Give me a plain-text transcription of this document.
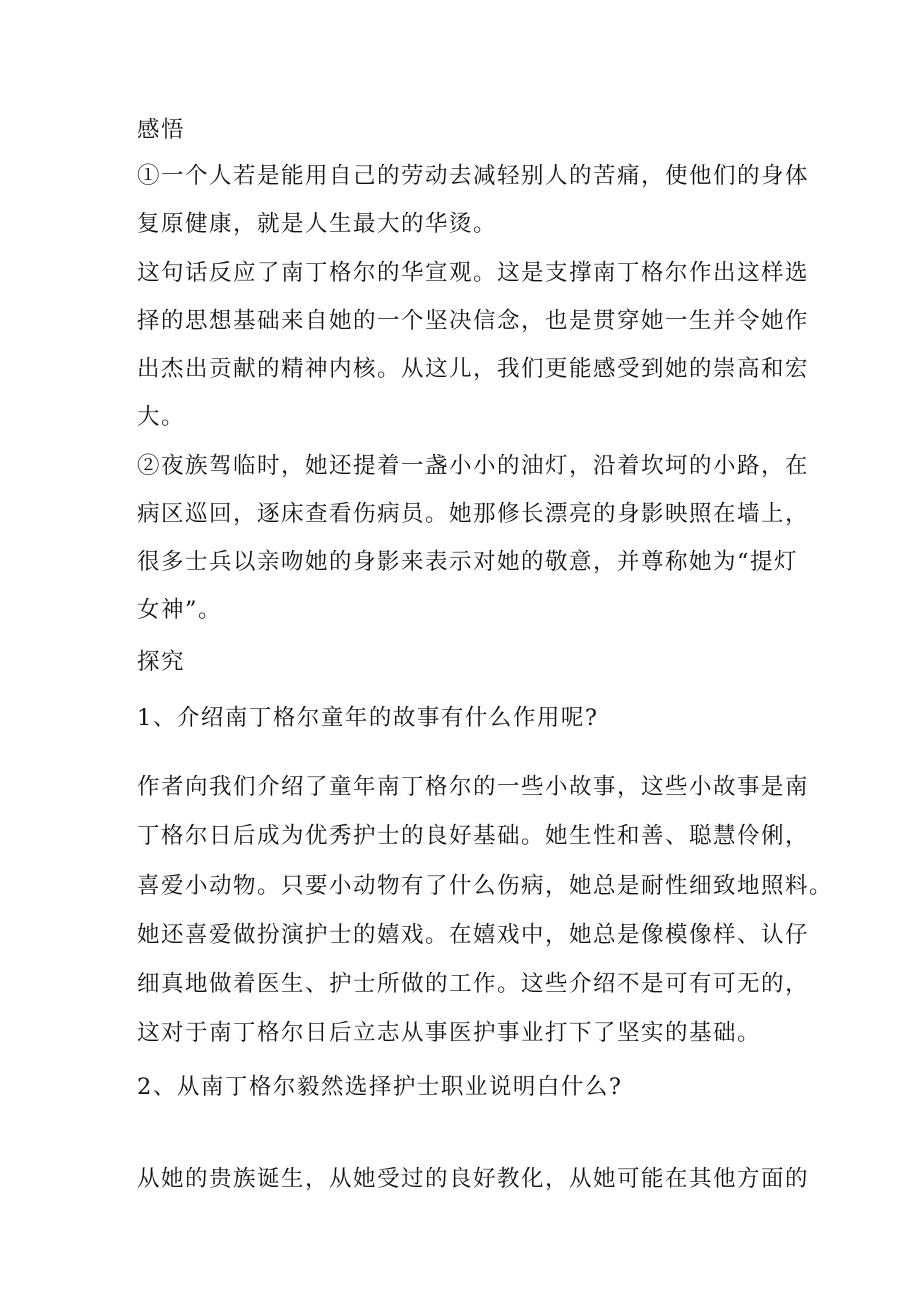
感悟
①一个人若是能用自己的劳动去减轻别人的苦痛，使他们的身体
复原健康，就是人生最大的华烫。
这句话反应了南丁格尔的华宣观。这是支撑南丁格尔作出这样选
择的思想基础来自她的一个坚决信念，也是贯穿她一生并令她作
出杰出贡献的精神内核。从这儿，我们更能感受到她的崇高和宏
大。
②夜族驾临时，她还提着一盏小小的油灯，沿着坎坷的小路，在
病区巡回，逐床查看伤病员。她那修长漂亮的身影映照在墙上，
很多士兵以亲吻她的身影来表示对她的敬意，并尊称她为“提灯
女神”。
探究
1、介绍南丁格尔童年的故事有什么作用呢?
作者向我们介绍了童年南丁格尔的一些小故事，这些小故事是南
丁格尔日后成为优秀护士的良好基础。她生性和善、聪慧伶俐，
喜爱小动物。只要小动物有了什么伤病，她总是耐性细致地照料。
她还喜爱做扮演护士的嬉戏。在嬉戏中，她总是像模像样、认仔
细真地做着医生、护士所做的工作。这些介绍不是可有可无的，
这对于南丁格尔日后立志从事医护事业打下了坚实的基础。
2、从南丁格尔毅然选择护士职业说明白什么?
从她的贵族诞生，从她受过的良好教化，从她可能在其他方面的
